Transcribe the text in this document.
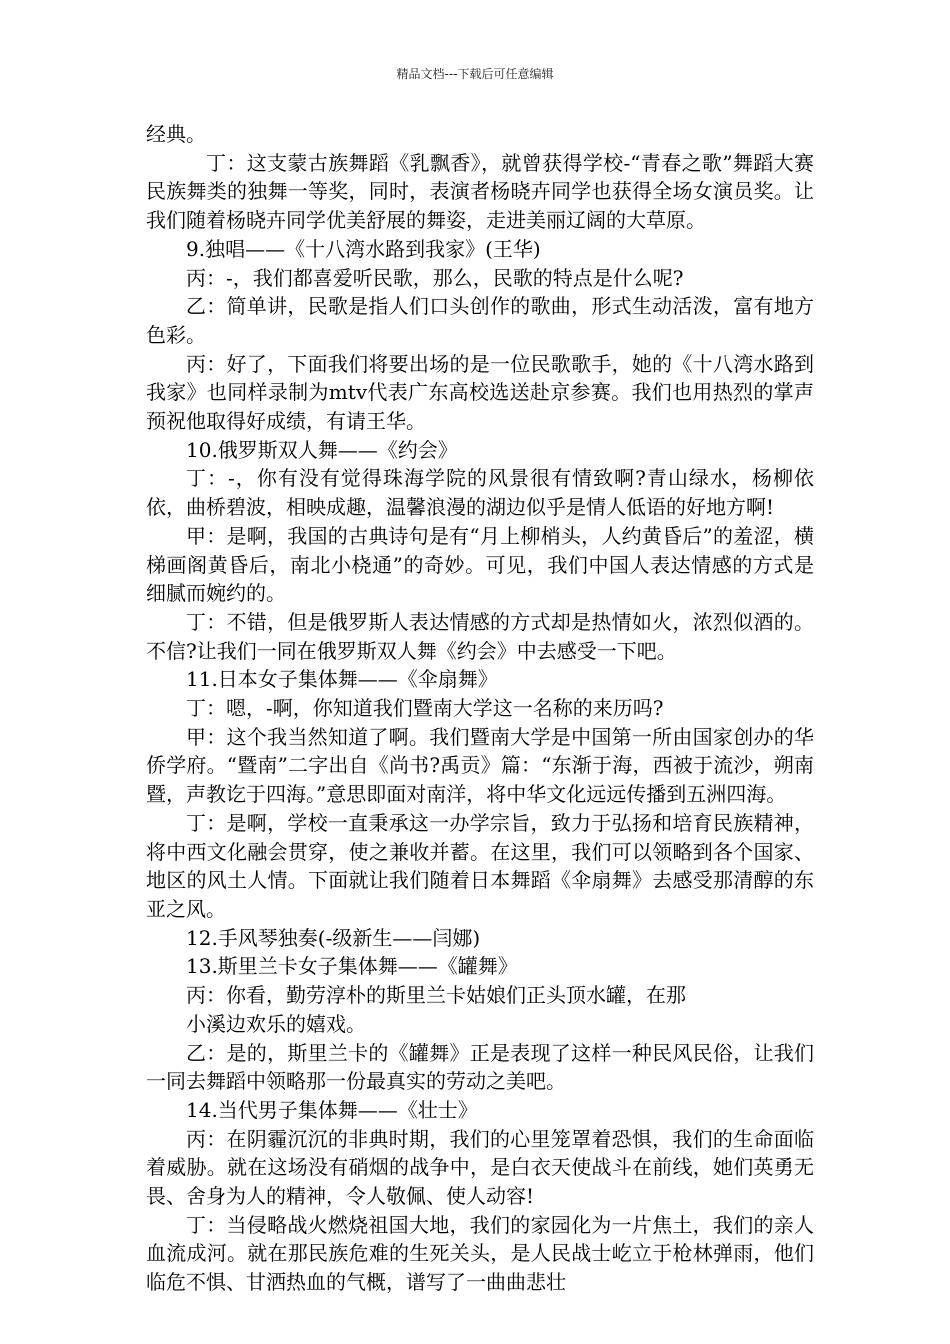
精品文档---下载后可任意编辑

经典。

丁：这支蒙古族舞蹈《乳飘香》，就曾获得学校-“青春之歌”舞蹈大赛民族舞类的独舞一等奖，同时，表演者杨晓卉同学也获得全场女演员奖。让我们随着杨晓卉同学优美舒展的舞姿，走进美丽辽阔的大草原。

9.独唱——《十八湾水路到我家》(王华)

丙：-，我们都喜爱听民歌，那么，民歌的特点是什么呢?

乙：简单讲，民歌是指人们口头创作的歌曲，形式生动活泼，富有地方色彩。

丙：好了，下面我们将要出场的是一位民歌歌手，她的《十八湾水路到我家》也同样录制为mtv代表广东高校选送赴京参赛。我们也用热烈的掌声预祝他取得好成绩，有请王华。

10.俄罗斯双人舞——《约会》

丁：-，你有没有觉得珠海学院的风景很有情致啊?青山绿水，杨柳依依，曲桥碧波，相映成趣，温馨浪漫的湖边似乎是情人低语的好地方啊!

甲：是啊，我国的古典诗句是有“月上柳梢头，人约黄昏后”的羞涩，横梯画阁黄昏后，南北小桡通”的奇妙。可见，我们中国人表达情感的方式是细腻而婉约的。

丁：不错，但是俄罗斯人表达情感的方式却是热情如火，浓烈似酒的。不信?让我们一同在俄罗斯双人舞《约会》中去感受一下吧。

11.日本女子集体舞——《伞扇舞》

丁：嗯，-啊，你知道我们暨南大学这一名称的来历吗?

甲：这个我当然知道了啊。我们暨南大学是中国第一所由国家创办的华侨学府。“暨南”二字出自《尚书?禹贡》篇：“东渐于海，西被于流沙，朔南暨，声教讫于四海。”意思即面对南洋，将中华文化远远传播到五洲四海。

丁：是啊，学校一直秉承这一办学宗旨，致力于弘扬和培育民族精神，将中西文化融会贯穿，使之兼收并蓄。在这里，我们可以领略到各个国家、地区的风土人情。下面就让我们随着日本舞蹈《伞扇舞》去感受那清醇的东亚之风。

12.手风琴独奏(-级新生——闫娜)

13.斯里兰卡女子集体舞——《罐舞》

丙：你看，勤劳淳朴的斯里兰卡姑娘们正头顶水罐，在那

小溪边欢乐的嬉戏。

乙：是的，斯里兰卡的《罐舞》正是表现了这样一种民风民俗，让我们一同去舞蹈中领略那一份最真实的劳动之美吧。

14.当代男子集体舞——《壮士》

丙：在阴霾沉沉的非典时期，我们的心里笼罩着恐惧，我们的生命面临着威胁。就在这场没有硝烟的战争中，是白衣天使战斗在前线，她们英勇无畏、舍身为人的精神，令人敬佩、使人动容!

丁：当侵略战火燃烧祖国大地，我们的家园化为一片焦土，我们的亲人血流成河。就在那民族危难的生死关头，是人民战士屹立于枪林弹雨，他们临危不惧、甘洒热血的气概，谱写了一曲曲悲壮
